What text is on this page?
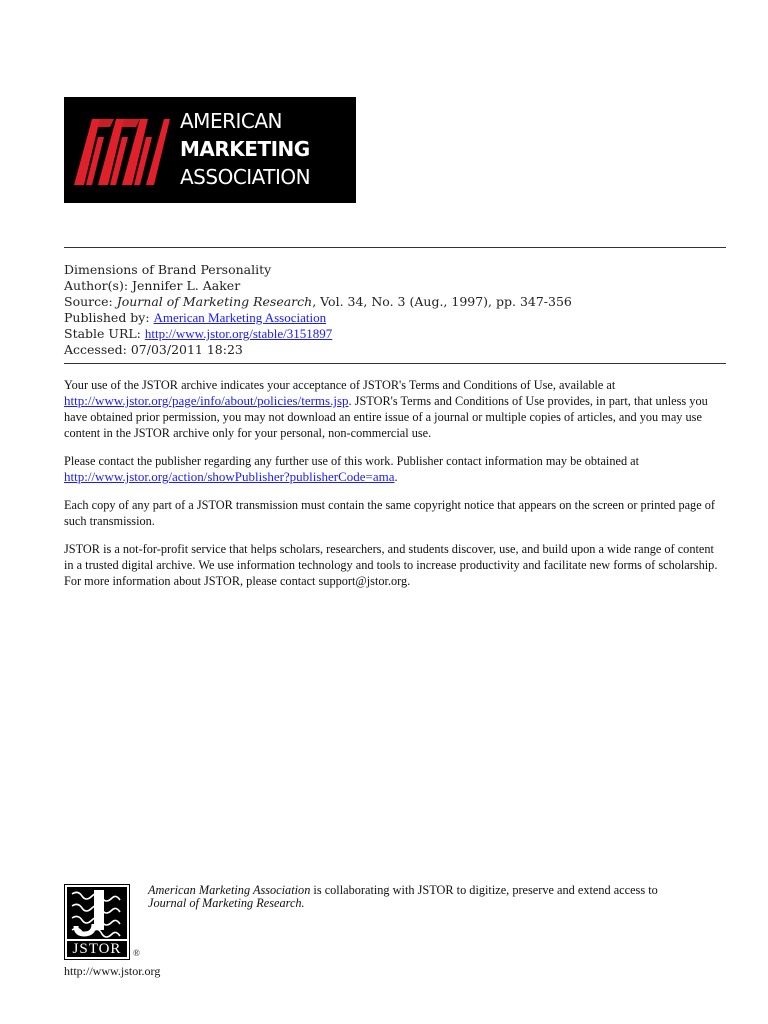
AMERICAN
MARKETING
ASSOCIATION
Dimensions of Brand Personality
Author(s): Jennifer L. Aaker
Source: Journal of Marketing Research, Vol. 34, No. 3 (Aug., 1997), pp. 347-356
Published by: American Marketing Association
Stable URL: http://www.jstor.org/stable/3151897
Accessed: 07/03/2011 18:23

Your use of the JSTOR archive indicates your acceptance of JSTOR's Terms and Conditions of Use, available at http://www.jstor.org/page/info/about/policies/terms.jsp. JSTOR's Terms and Conditions of Use provides, in part, that unless you have obtained prior permission, you may not download an entire issue of a journal or multiple copies of articles, and you may use content in the JSTOR archive only for your personal, non-commercial use.

Please contact the publisher regarding any further use of this work. Publisher contact information may be obtained at http://www.jstor.org/action/showPublisher?publisherCode=ama.

Each copy of any part of a JSTOR transmission must contain the same copyright notice that appears on the screen or printed page of such transmission.

JSTOR is a not-for-profit service that helps scholars, researchers, and students discover, use, and build upon a wide range of content in a trusted digital archive. We use information technology and tools to increase productivity and facilitate new forms of scholarship. For more information about JSTOR, please contact support@jstor.org.

JSTOR	®
American Marketing Association is collaborating with JSTOR to digitize, preserve and extend access to
Journal of Marketing Research.
http://www.jstor.org
